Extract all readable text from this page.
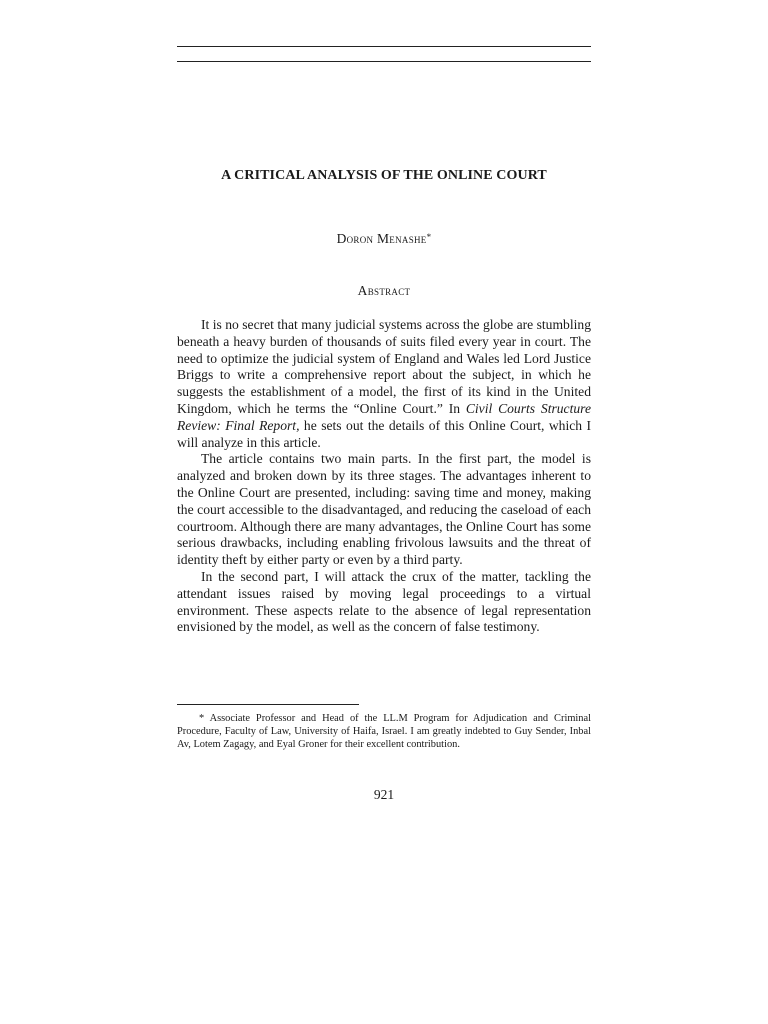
A CRITICAL ANALYSIS OF THE ONLINE COURT
Doron Menashe*
Abstract

It is no secret that many judicial systems across the globe are stumbling beneath a heavy burden of thousands of suits filed every year in court. The need to optimize the judicial system of England and Wales led Lord Justice Briggs to write a comprehensive report about the subject, in which he suggests the establishment of a model, the first of its kind in the United Kingdom, which he terms the “Online Court.” In Civil Courts Structure Review: Final Report, he sets out the details of this Online Court, which I will analyze in this article.

The article contains two main parts. In the first part, the model is analyzed and broken down by its three stages. The advantages inherent to the Online Court are presented, including: saving time and money, making the court accessible to the disadvantaged, and reducing the caseload of each courtroom. Although there are many advantages, the Online Court has some serious drawbacks, including enabling frivolous lawsuits and the threat of identity theft by either party or even by a third party.

In the second part, I will attack the crux of the matter, tackling the attendant issues raised by moving legal proceedings to a virtual environment. These aspects relate to the absence of legal representation envisioned by the model, as well as the concern of false testimony.

* Associate Professor and Head of the LL.M Program for Adjudication and Criminal Procedure, Faculty of Law, University of Haifa, Israel. I am greatly indebted to Guy Sender, Inbal Av, Lotem Zagagy, and Eyal Groner for their excellent contribution.
921
